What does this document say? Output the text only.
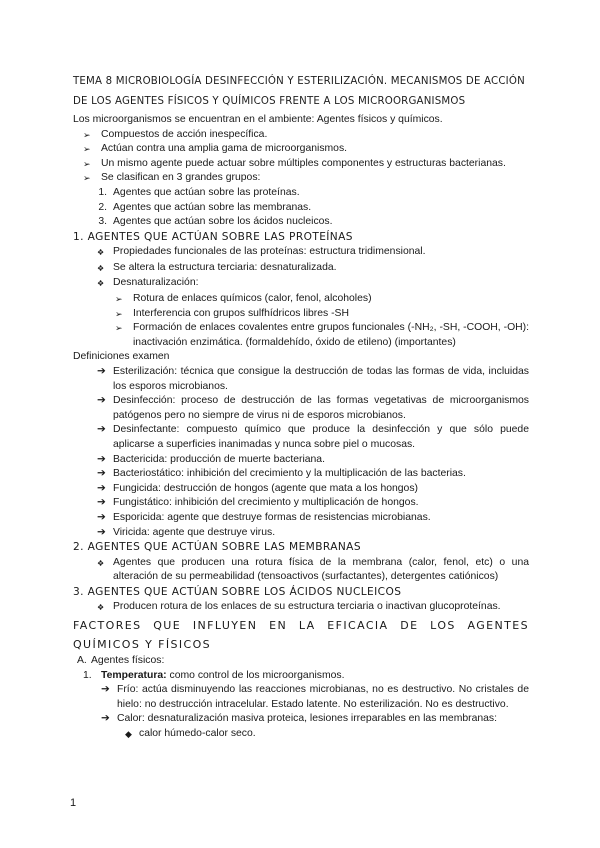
TEMA 8 MICROBIOLOGÍA DESINFECCIÓN Y ESTERILIZACIÓN. MECANISMOS DE ACCIÓN DE LOS AGENTES FÍSICOS Y QUÍMICOS FRENTE A LOS MICROORGANISMOS
Los microorganismos se encuentran en el ambiente: Agentes físicos y químicos.
➢	Compuestos de acción inespecífica.
➢	Actúan contra una amplia gama de microorganismos.
➢	Un mismo agente puede actuar sobre múltiples componentes y estructuras bacterianas.
➢	Se clasifican en 3 grandes grupos:
1. Agentes que actúan sobre las proteínas.
2. Agentes que actúan sobre las membranas.
3. Agentes que actúan sobre los ácidos nucleicos.
1. AGENTES QUE ACTÚAN SOBRE LAS PROTEÍNAS
❖ Propiedades funcionales de las proteínas: estructura tridimensional.
❖ Se altera la estructura terciaria: desnaturalizada.
❖ Desnaturalización:
➢	Rotura de enlaces químicos (calor, fenol, alcoholes)
➢	Interferencia con grupos sulfhídricos libres -SH
➢	Formación de enlaces covalentes entre grupos funcionales (-NH₂, -SH, -COOH, -OH): inactivación enzimática. (formaldehído, óxido de etileno) (importantes)
Definiciones examen
➔ Esterilización: técnica que consigue la destrucción de todas las formas de vida, incluidas los esporos microbianos.
➔ Desinfección: proceso de destrucción de las formas vegetativas de microorganismos patógenos pero no siempre de virus ni de esporos microbianos.
➔ Desinfectante: compuesto químico que produce la desinfección y que sólo puede aplicarse a superficies inanimadas y nunca sobre piel o mucosas.
➔ Bactericida: producción de muerte bacteriana.
➔ Bacteriostático: inhibición del crecimiento y la multiplicación de las bacterias.
➔ Fungicida: destrucción de hongos (agente que mata a los hongos)
➔ Fungistático: inhibición del crecimiento y multiplicación de hongos.
➔ Esporicida: agente que destruye formas de resistencias microbianas.
➔ Viricida: agente que destruye virus.
2. AGENTES QUE ACTÚAN SOBRE LAS MEMBRANAS
❖ Agentes que producen una rotura física de la membrana (calor, fenol, etc) o una alteración de su permeabilidad (tensoactivos (surfactantes), detergentes catiónicos)
3. AGENTES QUE ACTÚAN SOBRE LOS ÁCIDOS NUCLEICOS
❖ Producen rotura de los enlaces de su estructura terciaria o inactivan glucoproteínas.
FACTORES QUE INFLUYEN EN LA EFICACIA DE LOS AGENTES QUÍMICOS Y FÍSICOS
A. Agentes físicos:
1. Temperatura: como control de los microorganismos.
➔ Frío: actúa disminuyendo las reacciones microbianas, no es destructivo. No cristales de hielo: no destrucción intracelular. Estado latente. No esterilización. No es destructivo.
➔ Calor: desnaturalización masiva proteica, lesiones irreparables en las membranas:
◆ calor húmedo-calor seco.
1
